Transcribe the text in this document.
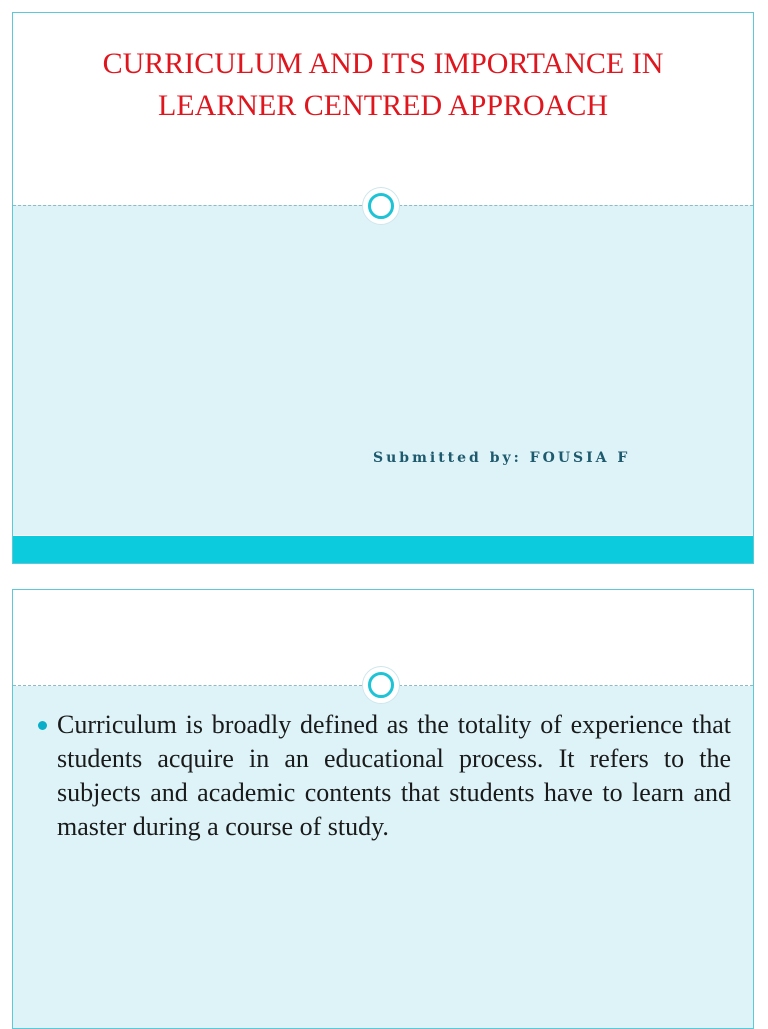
CURRICULUM AND ITS IMPORTANCE IN LEARNER CENTRED APPROACH
Submitted by: FOUSIA F
Curriculum is broadly defined as the totality of experience that students acquire in an educational process. It refers to the subjects and academic contents that students have to learn and master during a course of study.
